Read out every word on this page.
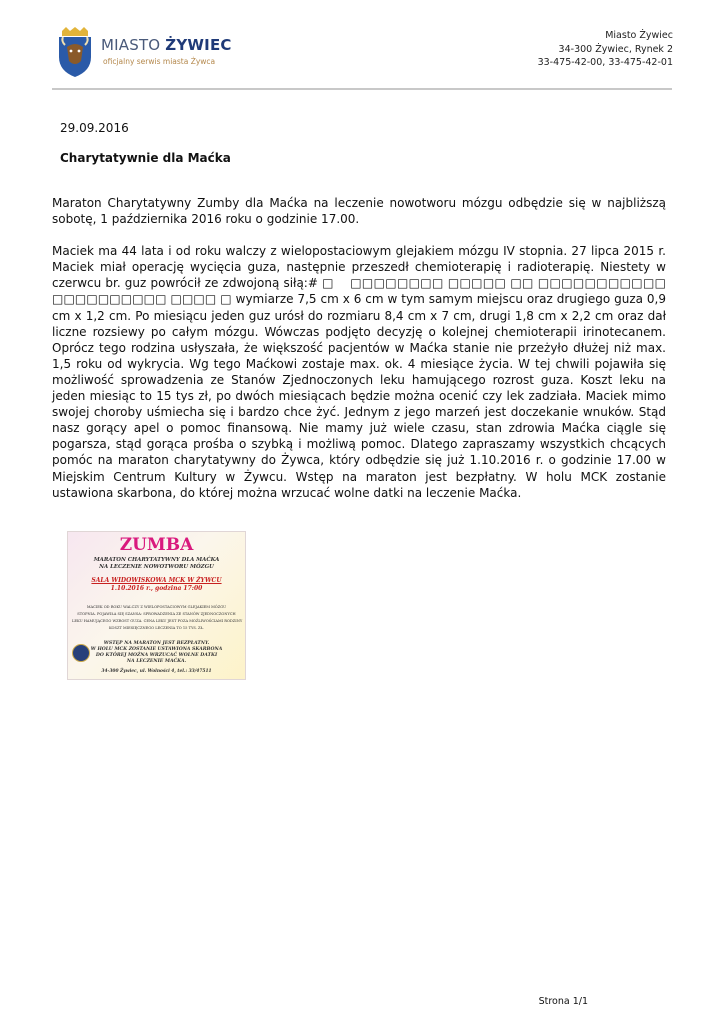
MIASTO ŻYWIEC
oficjalny serwis miasta Żywca
Miasto Żywiec
34-300 Żywiec, Rynek 2
33-475-42-00, 33-475-42-01
29.09.2016
Charytatywnie dla Maćka

Maraton Charytatywny Zumby dla Maćka na leczenie nowotworu mózgu odbędzie się w najbliższą sobotę, 1 października 2016 roku o godzinie 17.00.

Maciek ma 44 lata i od roku walczy z wielopostaciowym glejakiem mózgu IV stopnia. 27 lipca 2015 r. Maciek miał operację wycięcia guza, następnie przeszedł chemioterapię i radioterapię. Niestety w czerwcu br. guz powrócił ze zdwojoną siłą:# □  □□□□□□□□ □□□□□ □□ □□□□□□□□□□□ □□□□□□□□□□ □□□□ □ wymiarze 7,5 cm x 6 cm w tym samym miejscu oraz drugiego guza 0,9 cm x 1,2 cm. Po miesiącu jeden guz urósł do rozmiaru 8,4 cm x 7 cm, drugi 1,8 cm x 2,2 cm oraz dał liczne rozsiewy po całym mózgu. Wówczas podjęto decyzję o kolejnej chemioterapii irinotecanem. Oprócz tego rodzina usłyszała, że większość pacjentów w Maćka stanie nie przeżyło dłużej niż max. 1,5 roku od wykrycia. Wg tego Maćkowi zostaje max. ok. 4 miesiące życia. W tej chwili pojawiła się możliwość sprowadzenia ze Stanów Zjednoczonych leku hamującego rozrost guza. Koszt leku na jeden miesiąc to 15 tys zł, po dwóch miesiącach będzie można ocenić czy lek zadziała. Maciek mimo swojej choroby uśmiecha się i bardzo chce żyć. Jednym z jego marzeń jest doczekanie wnuków. Stąd nasz gorący apel o pomoc finansową. Nie mamy już wiele czasu, stan zdrowia Maćka ciągle się pogarsza, stąd gorąca prośba o szybką i możliwą pomoc. Dlatego zapraszamy wszystkich chcących pomóc na maraton charytatywny do Żywca, który odbędzie się już 1.10.2016 r. o godzinie 17.00 w Miejskim Centrum Kultury w Żywcu. Wstęp na maraton jest bezpłatny. W holu MCK zostanie ustawiona skarbona, do której można wrzucać wolne datki na leczenie Maćka.

ZUMBA
MARATON CHARYTATYWNY DLA MAĆKA
NA LECZENIE NOWOTWORU MÓZGU
SALA WIDOWISKOWA MCK W ŻYWCU
1.10.2016 r., godzina 17:00
MACIEK OD ROKU WALCZY Z WIELOPOSTACIOWYM GLEJAKIEM MÓZGU
STOPNIA. POJAWIŁA SIĘ SZANSA: SPROWADZENIA ZE STANÓW ZJEDNOCZONYCH
LEKU HAMUJĄCEGO WZROST GUZA. CENA LEKU JEST POZA MOŻLIWOŚCIAMI RODZINY
KOSZT MIESIĘCZNEGO LECZENIA TO 15 TYS. ZŁ.
WSTĘP NA MARATON JEST BEZPŁATNY.
W HOLU MCK ZOSTANIE USTAWIONA SKARBONA
DO KTÓREJ MOŻNA WRZUCAĆ WOLNE DATKI
NA LECZENIE MAĆKA.
34-300 Żywiec, ul. Wolności 4, tel.: 33/47511
Strona 1/1
